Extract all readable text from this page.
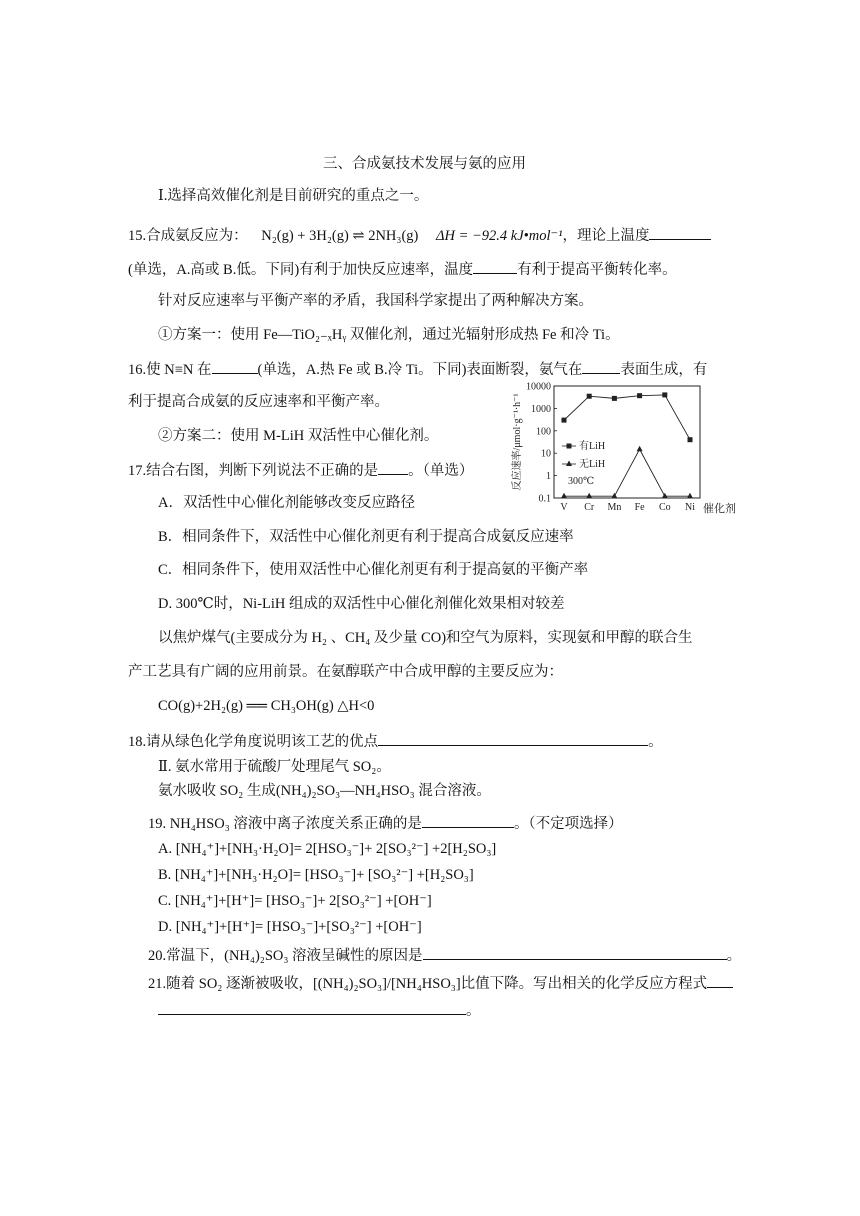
三、合成氨技术发展与氨的应用
Ⅰ.选择高效催化剂是目前研究的重点之一。
15.合成氨反应为： N₂(g) + 3H₂(g) ⇌ 2NH₃(g) ΔH = −92.4 kJ•mol⁻¹，理论上温度
(单选，A.高或 B.低。下同)有利于加快反应速率，温度	有利于提高平衡转化率。
针对反应速率与平衡产率的矛盾，我国科学家提出了两种解决方案。
①方案一：使用 Fe—TiO₂₋ₓHᵧ 双催化剂，通过光辐射形成热 Fe 和冷 Ti。
16.使 N≡N 在	(单选，A.热 Fe 或 B.冷 Ti。下同)表面断裂，氨气在	表面生成，有
利于提高合成氨的反应速率和平衡产率。
②方案二：使用 M-LiH 双活性中心催化剂。
17.结合右图，判断下列说法不正确的是 。（单选）
A．双活性中心催化剂能够改变反应路径
B．相同条件下，双活性中心催化剂更有利于提高合成氨反应速率
C．相同条件下，使用双活性中心催化剂更有利于提高氨的平衡产率
D. 300℃时，Ni-LiH 组成的双活性中心催化剂催化效果相对较差
以焦炉煤气(主要成分为 H₂ 、CH₄ 及少量 CO)和空气为原料，实现氨和甲醇的联合生
产工艺具有广阔的应用前景。在氨醇联产中合成甲醇的主要反应为：
CO(g)+2H₂(g) ══ CH₃OH(g) △H<0
18.请从绿色化学角度说明该工艺的优点	。
Ⅱ. 氨水常用于硫酸厂处理尾气 SO₂。
氨水吸收 SO₂ 生成(NH₄)₂SO₃—NH₄HSO₃ 混合溶液。
19. NH₄HSO₃ 溶液中离子浓度关系正确的是	。（不定项选择）
A. [NH₄⁺]+[NH₃·H₂O]= 2[HSO₃⁻]+ 2[SO₃²⁻] +2[H₂SO₃]
B. [NH₄⁺]+[NH₃·H₂O]= [HSO₃⁻]+ [SO₃²⁻] +[H₂SO₃]
C. [NH₄⁺]+[H⁺]= [HSO₃⁻]+ 2[SO₃²⁻] +[OH⁻]
D. [NH₄⁺]+[H⁺]= [HSO₃⁻]+[SO₃²⁻] +[OH⁻]
20.常温下，(NH₄)₂SO₃ 溶液呈碱性的原因是	。
21.随着 SO₂ 逐渐被吸收，[(NH₄)₂SO₃]/[NH₄HSO₃]比值下降。写出相关的化学反应方程式
。
10000
1000
100
10
1
0.1
V Cr Mn Fe Co Ni
反应速率/μmol·g⁻¹·h⁻¹
催化剂
有LiH
无LiH
300℃
